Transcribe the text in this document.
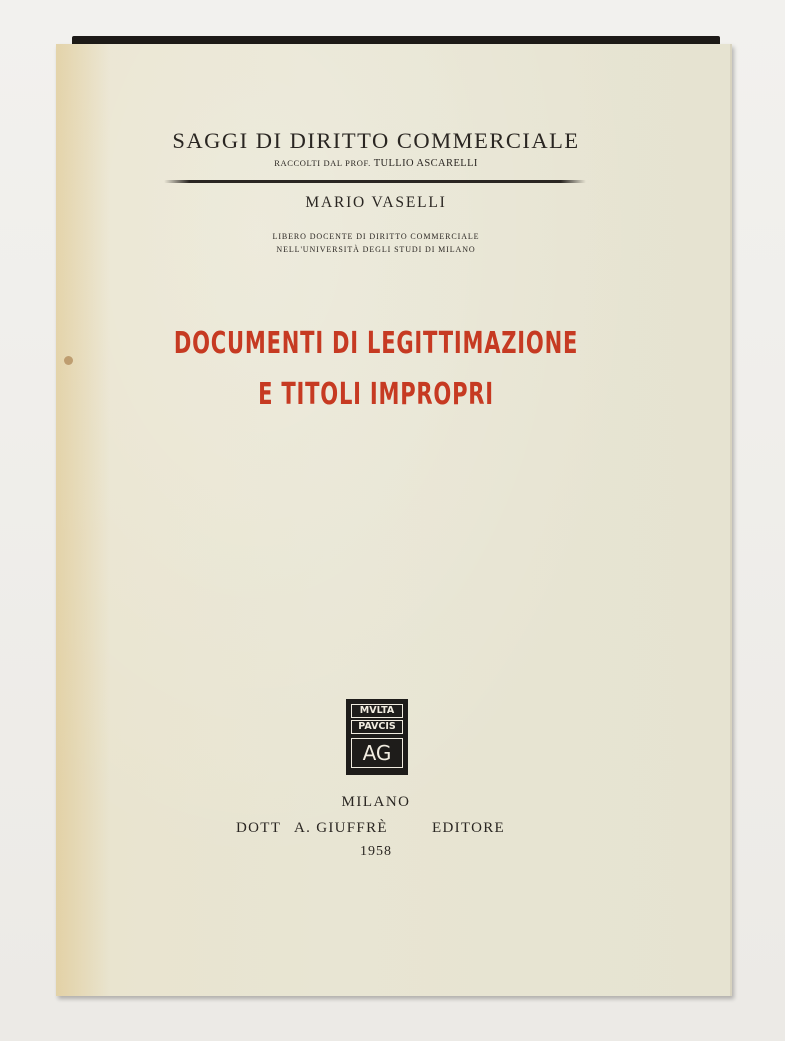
SAGGI DI DIRITTO COMMERCIALE
RACCOLTI DAL PROF. TULLIO ASCARELLI
MARIO VASELLI
LIBERO DOCENTE DI DIRITTO COMMERCIALE
NELL'UNIVERSITÀ DEGLI STUDI DI MILANO
DOCUMENTI DI LEGITTIMAZIONE
E TITOLI IMPROPRI
MVLTA
PAVCIS
AG
MILANO
DOTT A. GIUFFRÈ	EDITORE
1958
